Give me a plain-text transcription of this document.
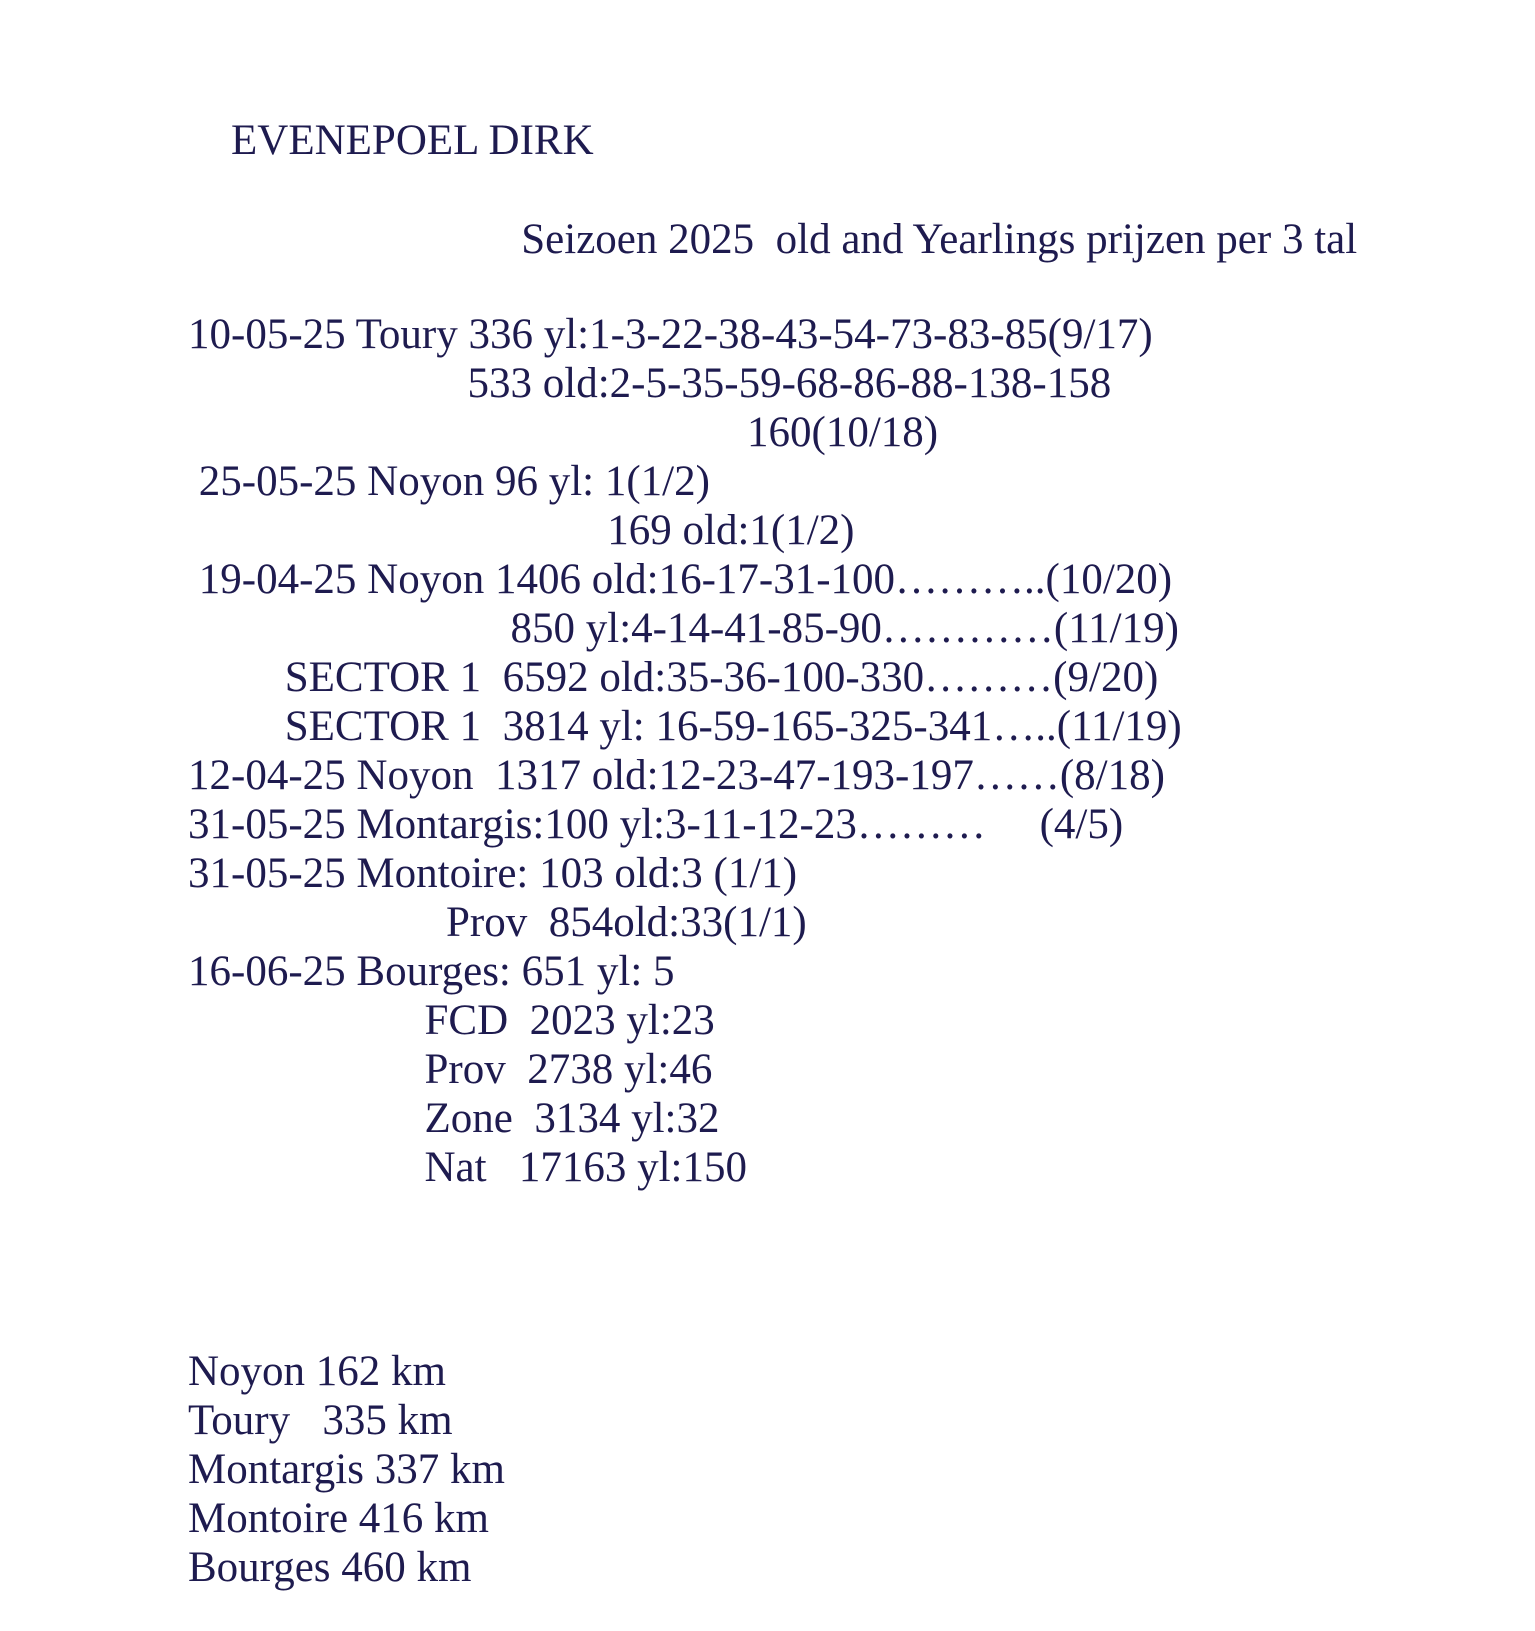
EVENEPOEL DIRK
Seizoen 2025  old and Yearlings prijzen per 3 tal
10-05-25 Toury 336 yl:1-3-22-38-43-54-73-83-85(9/17)
533 old:2-5-35-59-68-86-88-138-158
160(10/18)
25-05-25 Noyon 96 yl: 1(1/2)
169 old:1(1/2)
19-04-25 Noyon 1406 old:16-17-31-100………..(10/20)
850 yl:4-14-41-85-90…………(11/19)
SECTOR 1  6592 old:35-36-100-330………(9/20)
SECTOR 1  3814 yl: 16-59-165-325-341…..(11/19)
12-04-25 Noyon  1317 old:12-23-47-193-197……(8/18)
31-05-25 Montargis:100 yl:3-11-12-23………     (4/5)
31-05-25 Montoire: 103 old:3 (1/1)
Prov  854old:33(1/1)
16-06-25 Bourges: 651 yl: 5
FCD  2023 yl:23
Prov  2738 yl:46
Zone  3134 yl:32
Nat   17163 yl:150
Noyon 162 km
Toury   335 km
Montargis 337 km
Montoire 416 km
Bourges 460 km
